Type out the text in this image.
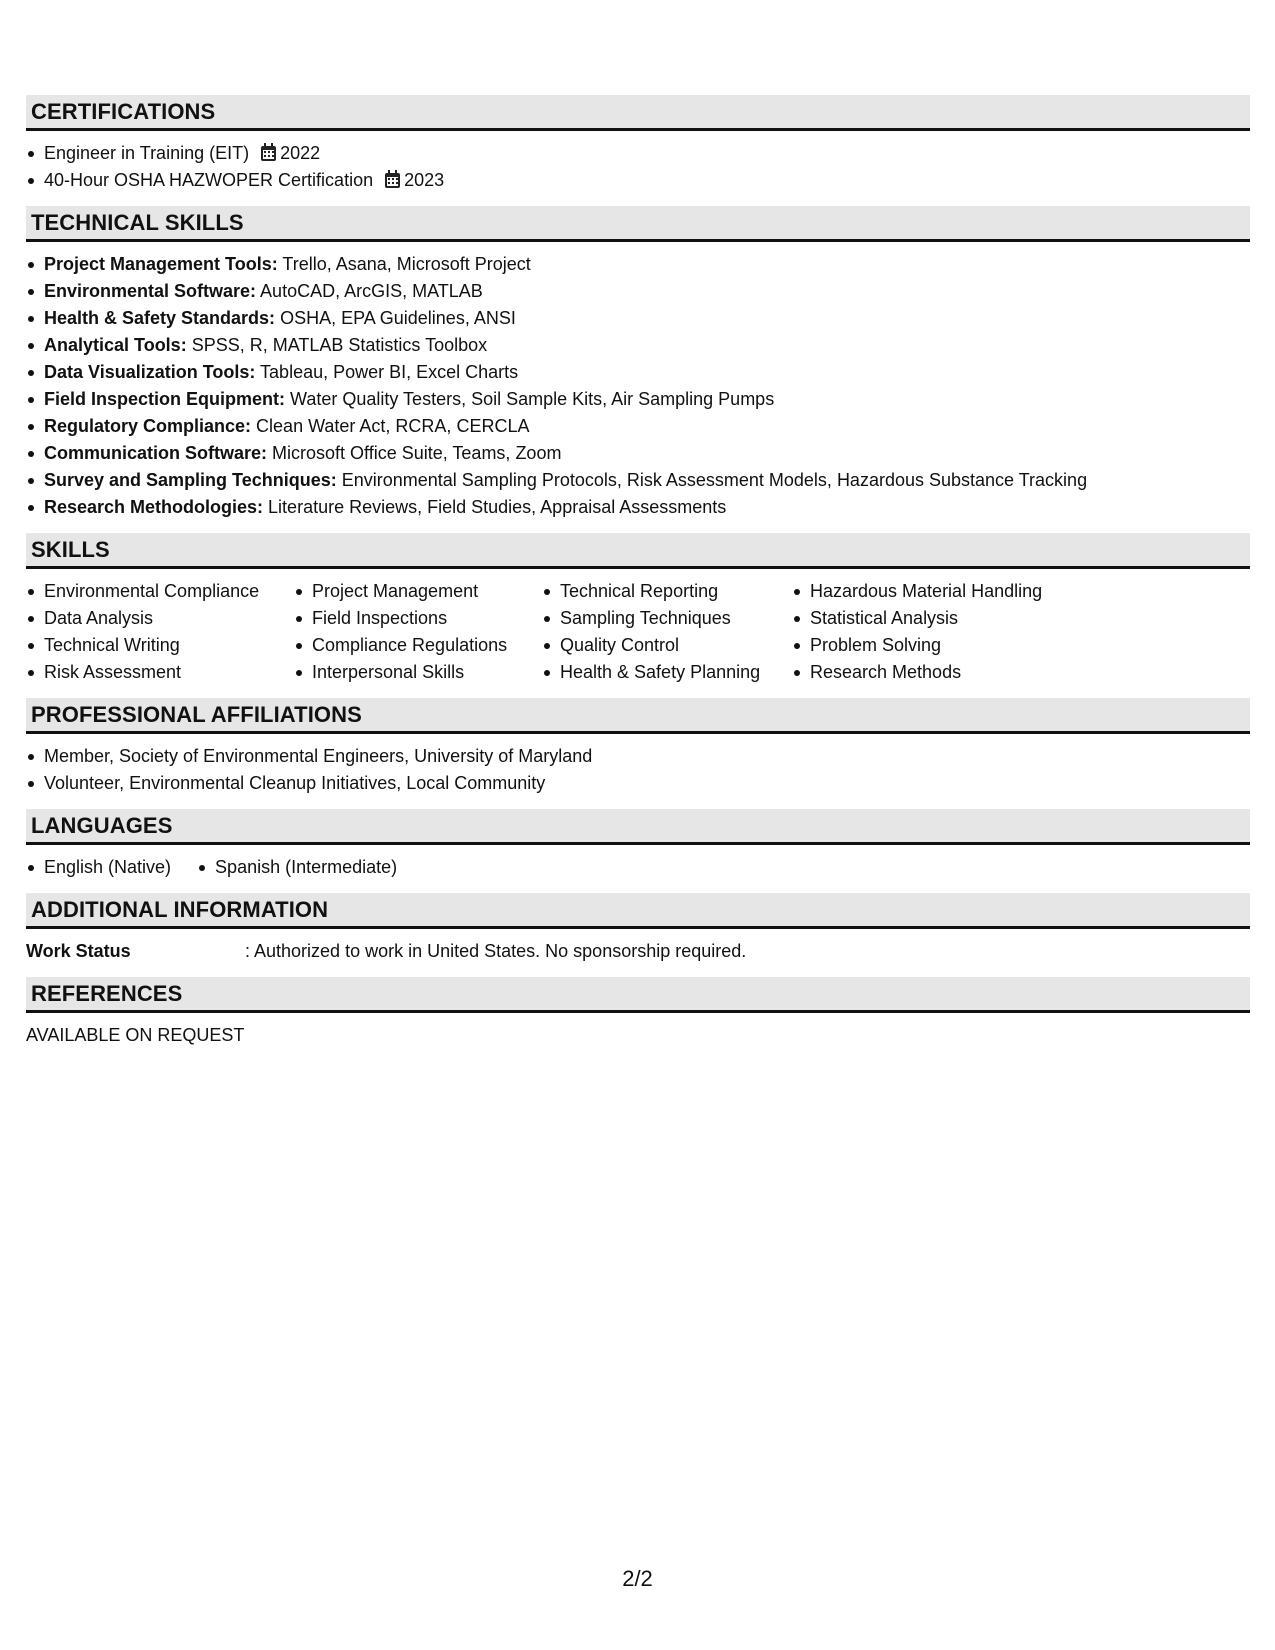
CERTIFICATIONS
Engineer in Training (EIT) 2022
40-Hour OSHA HAZWOPER Certification 2023
TECHNICAL SKILLS
Project Management Tools: Trello, Asana, Microsoft Project
Environmental Software: AutoCAD, ArcGIS, MATLAB
Health & Safety Standards: OSHA, EPA Guidelines, ANSI
Analytical Tools: SPSS, R, MATLAB Statistics Toolbox
Data Visualization Tools: Tableau, Power BI, Excel Charts
Field Inspection Equipment: Water Quality Testers, Soil Sample Kits, Air Sampling Pumps
Regulatory Compliance: Clean Water Act, RCRA, CERCLA
Communication Software: Microsoft Office Suite, Teams, Zoom
Survey and Sampling Techniques: Environmental Sampling Protocols, Risk Assessment Models, Hazardous Substance Tracking
Research Methodologies: Literature Reviews, Field Studies, Appraisal Assessments
SKILLS
Environmental Compliance
Data Analysis
Technical Writing
Risk Assessment
Project Management
Field Inspections
Compliance Regulations
Interpersonal Skills
Technical Reporting
Sampling Techniques
Quality Control
Health & Safety Planning
Hazardous Material Handling
Statistical Analysis
Problem Solving
Research Methods
PROFESSIONAL AFFILIATIONS
Member, Society of Environmental Engineers, University of Maryland
Volunteer, Environmental Cleanup Initiatives, Local Community
LANGUAGES
English (Native)	Spanish (Intermediate)
ADDITIONAL INFORMATION
Work Status	: Authorized to work in United States. No sponsorship required.
REFERENCES
AVAILABLE ON REQUEST
2/2
